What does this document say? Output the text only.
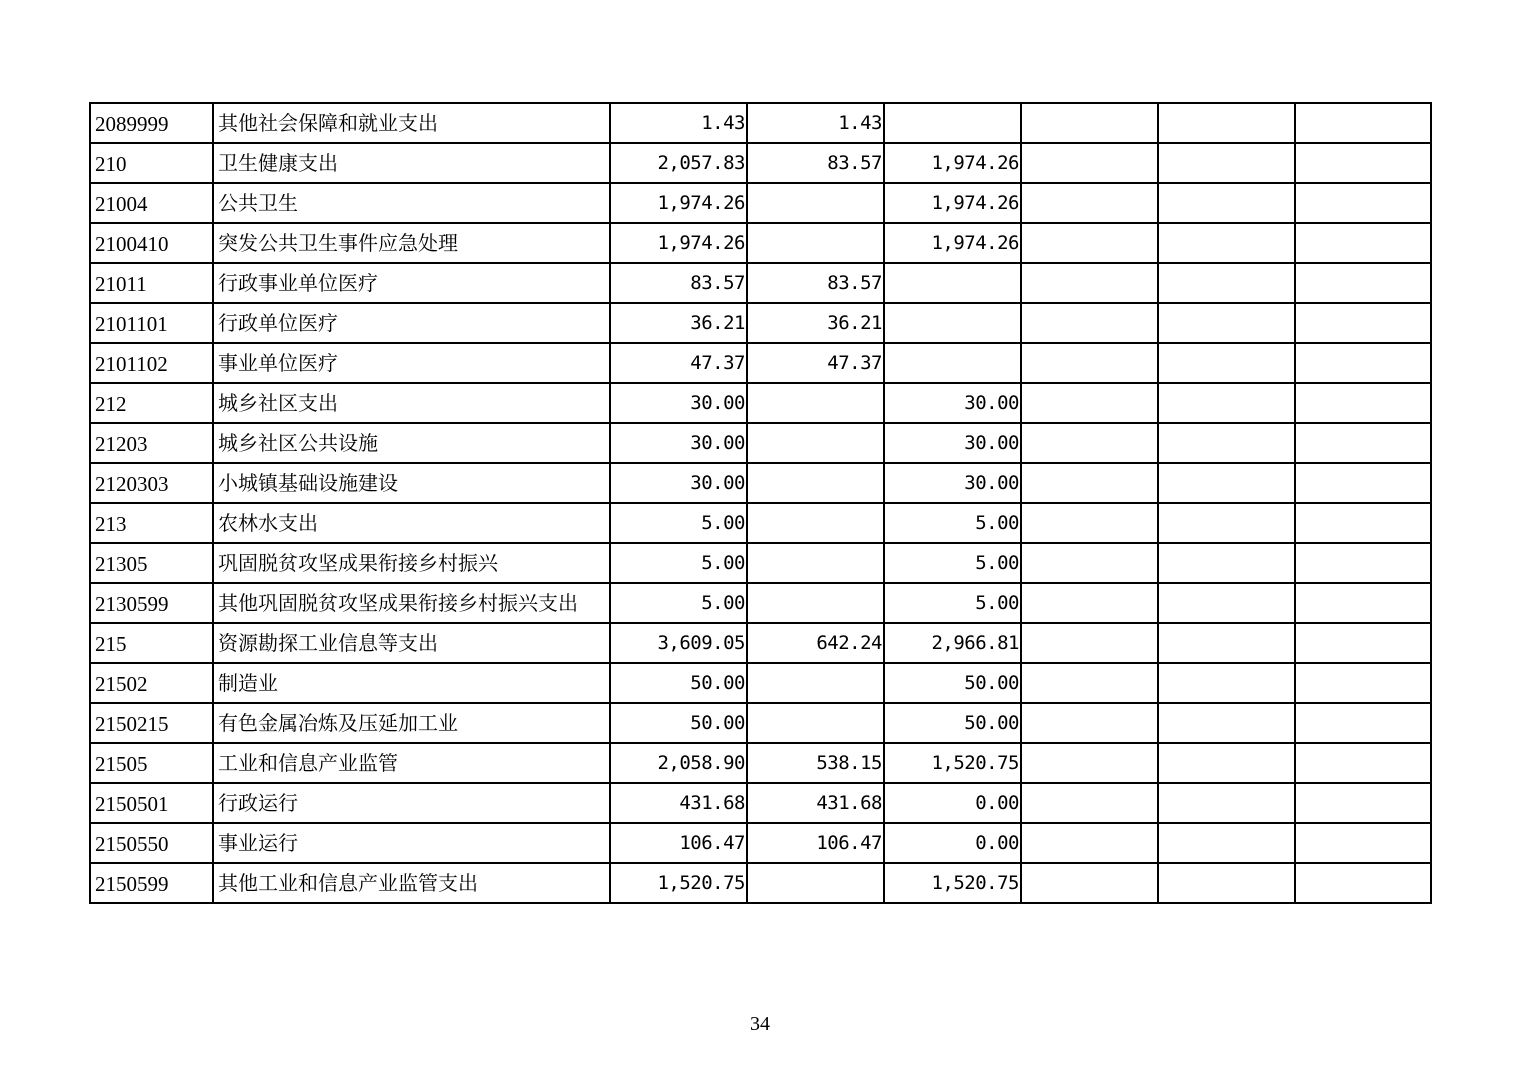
2089999	其他社会保障和就业支出	1.43	1.43				
210	卫生健康支出	2,057.83	83.57	1,974.26			
21004	公共卫生	1,974.26		1,974.26			
2100410	突发公共卫生事件应急处理	1,974.26		1,974.26			
21011	行政事业单位医疗	83.57	83.57				
2101101	行政单位医疗	36.21	36.21				
2101102	事业单位医疗	47.37	47.37				
212	城乡社区支出	30.00		30.00			
21203	城乡社区公共设施	30.00		30.00			
2120303	小城镇基础设施建设	30.00		30.00			
213	农林水支出	5.00		5.00			
21305	巩固脱贫攻坚成果衔接乡村振兴	5.00		5.00			
2130599	其他巩固脱贫攻坚成果衔接乡村振兴支出	5.00		5.00			
215	资源勘探工业信息等支出	3,609.05	642.24	2,966.81			
21502	制造业	50.00		50.00			
2150215	有色金属冶炼及压延加工业	50.00		50.00			
21505	工业和信息产业监管	2,058.90	538.15	1,520.75			
2150501	行政运行	431.68	431.68	0.00			
2150550	事业运行	106.47	106.47	0.00			
2150599	其他工业和信息产业监管支出	1,520.75		1,520.75			
34
